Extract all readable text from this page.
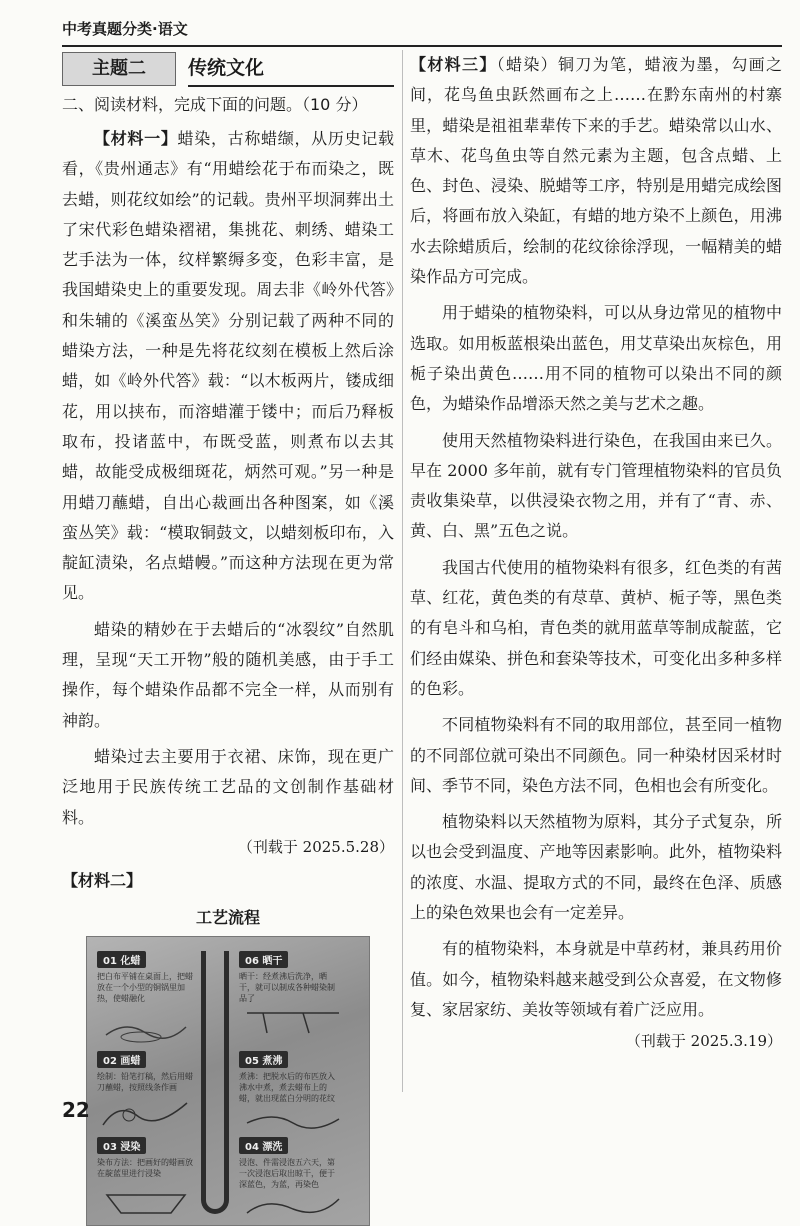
中考真题分类·语文
主题二	传统文化
二、阅读材料，完成下面的问题。（10 分）

【材料一】蜡染，古称蜡缬，从历史记载看，《贵州通志》有“用蜡绘花于布而染之，既去蜡，则花纹如绘”的记载。贵州平坝洞葬出土了宋代彩色蜡染褶裙，集挑花、刺绣、蜡染工艺手法为一体，纹样繁缛多变，色彩丰富，是我国蜡染史上的重要发现。周去非《岭外代答》和朱辅的《溪蛮丛笑》分别记载了两种不同的蜡染方法，一种是先将花纹刻在模板上然后涂蜡，如《岭外代答》载：“以木板两片，镂成细花，用以挟布，而溶蜡灌于镂中；而后乃释板取布，投诸蓝中，布既受蓝，则煮布以去其蜡，故能受成极细斑花，炳然可观。”另一种是用蜡刀蘸蜡，自出心裁画出各种图案，如《溪蛮丛笑》载：“模取铜鼓文，以蜡刻板印布，入靛缸渍染，名点蜡幔。”而这种方法现在更为常见。

蜡染的精妙在于去蜡后的“冰裂纹”自然肌理，呈现“天工开物”般的随机美感，由于手工操作，每个蜡染作品都不完全一样，从而别有神韵。

蜡染过去主要用于衣裙、床饰，现在更广泛地用于民族传统工艺品的文创制作基础材料。

（刊载于 2025.5.28）
【材料二】
工艺流程
01 化蜡
把白布平铺在桌面上，把蜡放在一个小型的铜锅里加热，使蜡融化
06 晒干
晒干：经煮沸后洗净，晒干，就可以制成各种蜡染制品了
02 画蜡
绘制：铅笔打稿，然后用蜡刀蘸蜡，按照线条作画
05 煮沸
煮沸：把脱水后的布匹放入沸水中煮，煮去蜡布上的蜡，就出现蓝白分明的花纹
03 浸染
染布方法：把画好的蜡画放在靛蓝里进行浸染
04 漂洗
浸泡、件需浸泡五六天，第一次浸泡后取出晾干，便于深蓝色，为蓝，再染色

【材料三】（蜡染）铜刀为笔，蜡液为墨，勾画之间，花鸟鱼虫跃然画布之上……在黔东南州的村寨里，蜡染是祖祖辈辈传下来的手艺。蜡染常以山水、草木、花鸟鱼虫等自然元素为主题，包含点蜡、上色、封色、浸染、脱蜡等工序，特别是用蜡完成绘图后，将画布放入染缸，有蜡的地方染不上颜色，用沸水去除蜡质后，绘制的花纹徐徐浮现，一幅精美的蜡染作品方可完成。

用于蜡染的植物染料，可以从身边常见的植物中选取。如用板蓝根染出蓝色，用艾草染出灰棕色，用栀子染出黄色……用不同的植物可以染出不同的颜色，为蜡染作品增添天然之美与艺术之趣。

使用天然植物染料进行染色，在我国由来已久。早在 2000 多年前，就有专门管理植物染料的官员负责收集染草，以供浸染衣物之用，并有了“青、赤、黄、白、黑”五色之说。

我国古代使用的植物染料有很多，红色类的有茜草、红花，黄色类的有荩草、黄栌、栀子等，黑色类的有皂斗和乌桕，青色类的就用蓝草等制成靛蓝，它们经由媒染、拼色和套染等技术，可变化出多种多样的色彩。

不同植物染料有不同的取用部位，甚至同一植物的不同部位就可染出不同颜色。同一种染材因采材时间、季节不同，染色方法不同，色相也会有所变化。

植物染料以天然植物为原料，其分子式复杂，所以也会受到温度、产地等因素影响。此外，植物染料的浓度、水温、提取方式的不同，最终在色泽、质感上的染色效果也会有一定差异。

有的植物染料，本身就是中草药材，兼具药用价值。如今，植物染料越来越受到公众喜爱，在文物修复、家居家纺、美妆等领域有着广泛应用。

（刊载于 2025.3.19）
22
